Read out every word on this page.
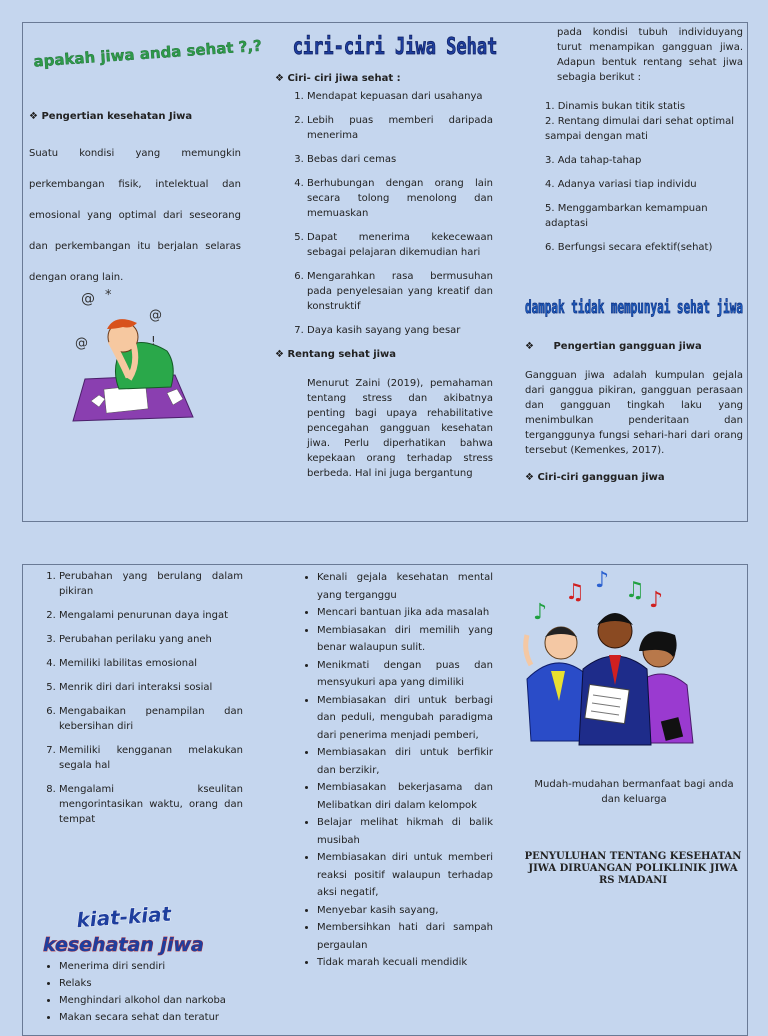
apakah jiwa anda sehat ?,?
❖ Pengertian kesehatan Jiwa
Suatu kondisi yang memungkin
perkembangan fisik, intelektual dan
emosional yang optimal dari seseorang
dan perkembangan itu berjalan selaras
dengan orang lain.
@ *
@
@	!
ciri-ciri Jiwa Sehat
❖ Ciri- ciri jiwa sehat :
1. Mendapat kepuasan dari usahanya
2. Lebih puas memberi daripada menerima
3. Bebas dari cemas
4. Berhubungan dengan orang lain secara tolong menolong dan memuaskan
5. Dapat menerima kekecewaan sebagai pelajaran dikemudian hari
6. Mengarahkan rasa bermusuhan pada penyelesaian yang kreatif dan konstruktif
7. Daya kasih sayang yang besar
❖ Rentang sehat jiwa
Menurut Zaini (2019), pemahaman tentang stress dan akibatnya penting bagi upaya rehabilitative pencegahan gangguan kesehatan jiwa. Perlu diperhatikan bahwa kepekaan orang terhadap stress berbeda. Hal ini juga bergantung
pada kondisi tubuh individuyang turut menampikan gangguan jiwa. Adapun bentuk rentang sehat jiwa sebagia berikut :
1. Dinamis bukan titik statis
2. Rentang dimulai dari sehat optimal sampai dengan mati
3. Ada tahap-tahap
4. Adanya variasi tiap individu
5. Menggambarkan kemampuan adaptasi
6. Berfungsi secara efektif(sehat)
dampak tidak mempunyai sehat jiwa
❖ Pengertian gangguan jiwa
Gangguan jiwa adalah kumpulan gejala dari ganggua pikiran, gangguan perasaan dan gangguan tingkah laku yang menimbulkan penderitaan dan terganggunya fungsi sehari-hari dari orang tersebut (Kemenkes, 2017).
❖ Ciri-ciri gangguan jiwa
1. Perubahan yang berulang dalam pikiran
2. Mengalami penurunan daya ingat
3. Perubahan perilaku yang aneh
4. Memiliki labilitas emosional
5. Menrik diri dari interaksi sosial
6. Mengabaikan penampilan dan kebersihan diri
7. Memiliki kengganan melakukan segala hal
8. Mengalami kseulitan mengorintasikan waktu, orang dan tempat
kiat-kiat
kesehatan jiwa
• Menerima diri sendiri
• Relaks
• Menghindari alkohol dan narkoba
• Makan secara sehat dan teratur
• Kenali gejala kesehatan mental yang terganggu
• Mencari bantuan jika ada masalah
• Membiasakan diri memilih yang benar walaupun sulit.
• Menikmati dengan puas dan mensyukuri apa yang dimiliki
• Membiasakan diri untuk berbagi dan peduli, mengubah paradigma dari penerima menjadi pemberi,
• Membiasakan diri untuk berfikir dan berzikir,
• Membiasakan bekerjasama dan Melibatkan diri dalam kelompok
• Belajar melihat hikmah di balik musibah
• Membiasakan diri untuk memberi reaksi positif walaupun terhadap aksi negatif,
• Menyebar kasih sayang,
• Membersihkan hati dari sampah pergaulan
• Tidak marah kecuali mendidik
♫ ♪ ♫ ♪
♪
Mudah-mudahan bermanfaat bagi anda dan keluarga
PENYULUHAN TENTANG KESEHATAN JIWA DIRUANGAN POLIKLINIK JIWA RS MADANI
